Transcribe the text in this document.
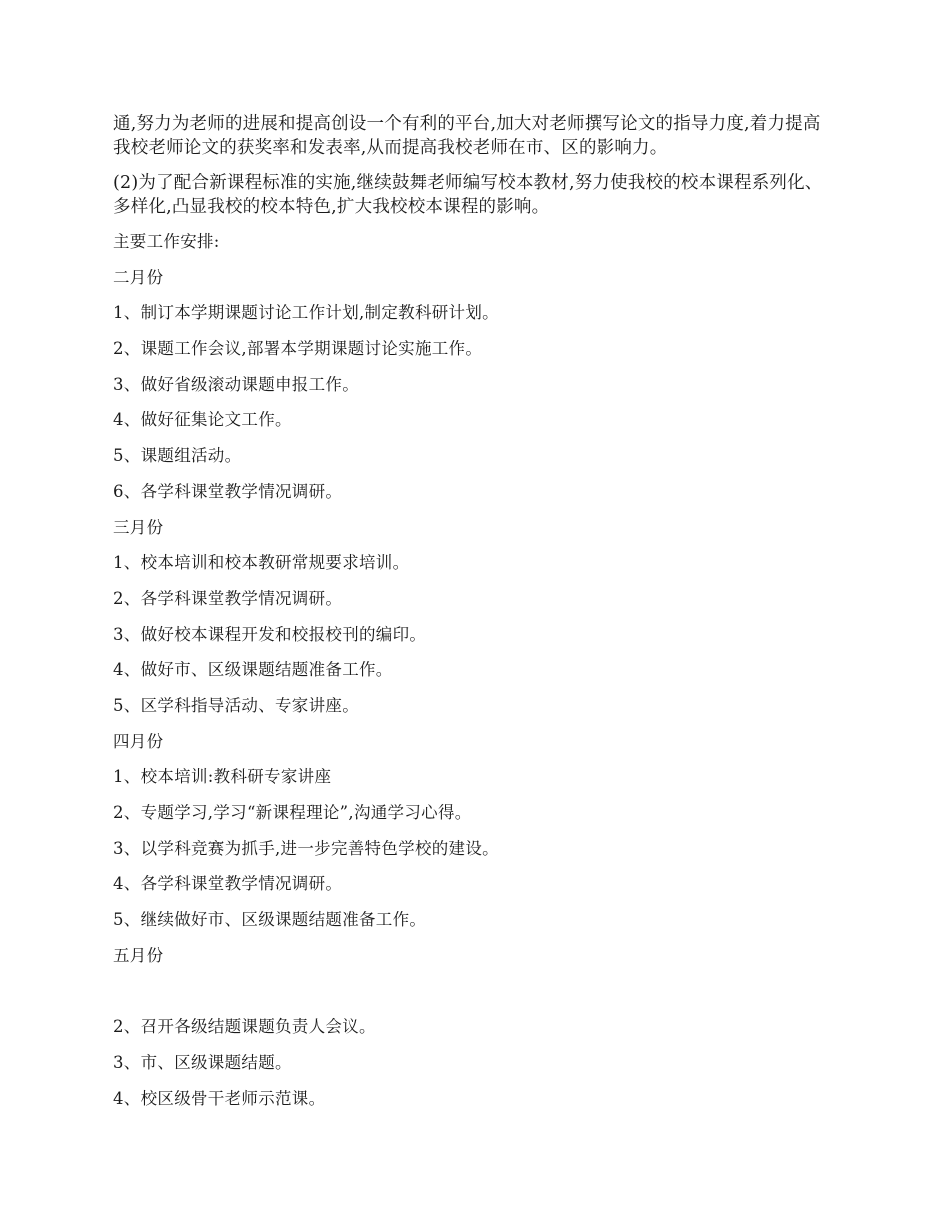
通,努力为老师的进展和提高创设一个有利的平台,加大对老师撰写论文的指导力度,着力提高我校老师论文的获奖率和发表率,从而提高我校老师在市、区的影响力。

(2)为了配合新课程标准的实施,继续鼓舞老师编写校本教材,努力使我校的校本课程系列化、多样化,凸显我校的校本特色,扩大我校校本课程的影响。

主要工作安排:
二月份
1、制订本学期课题讨论工作计划,制定教科研计划。
2、课题工作会议,部署本学期课题讨论实施工作。
3、做好省级滚动课题申报工作。
4、做好征集论文工作。
5、课题组活动。
6、各学科课堂教学情况调研。
三月份
1、校本培训和校本教研常规要求培训。
2、各学科课堂教学情况调研。
3、做好校本课程开发和校报校刊的编印。
4、做好市、区级课题结题准备工作。
5、区学科指导活动、专家讲座。
四月份
1、校本培训:教科研专家讲座
2、专题学习,学习“新课程理论”,沟通学习心得。
3、以学科竞赛为抓手,进一步完善特色学校的建设。
4、各学科课堂教学情况调研。
5、继续做好市、区级课题结题准备工作。
五月份
2、召开各级结题课题负责人会议。
3、市、区级课题结题。
4、校区级骨干老师示范课。
